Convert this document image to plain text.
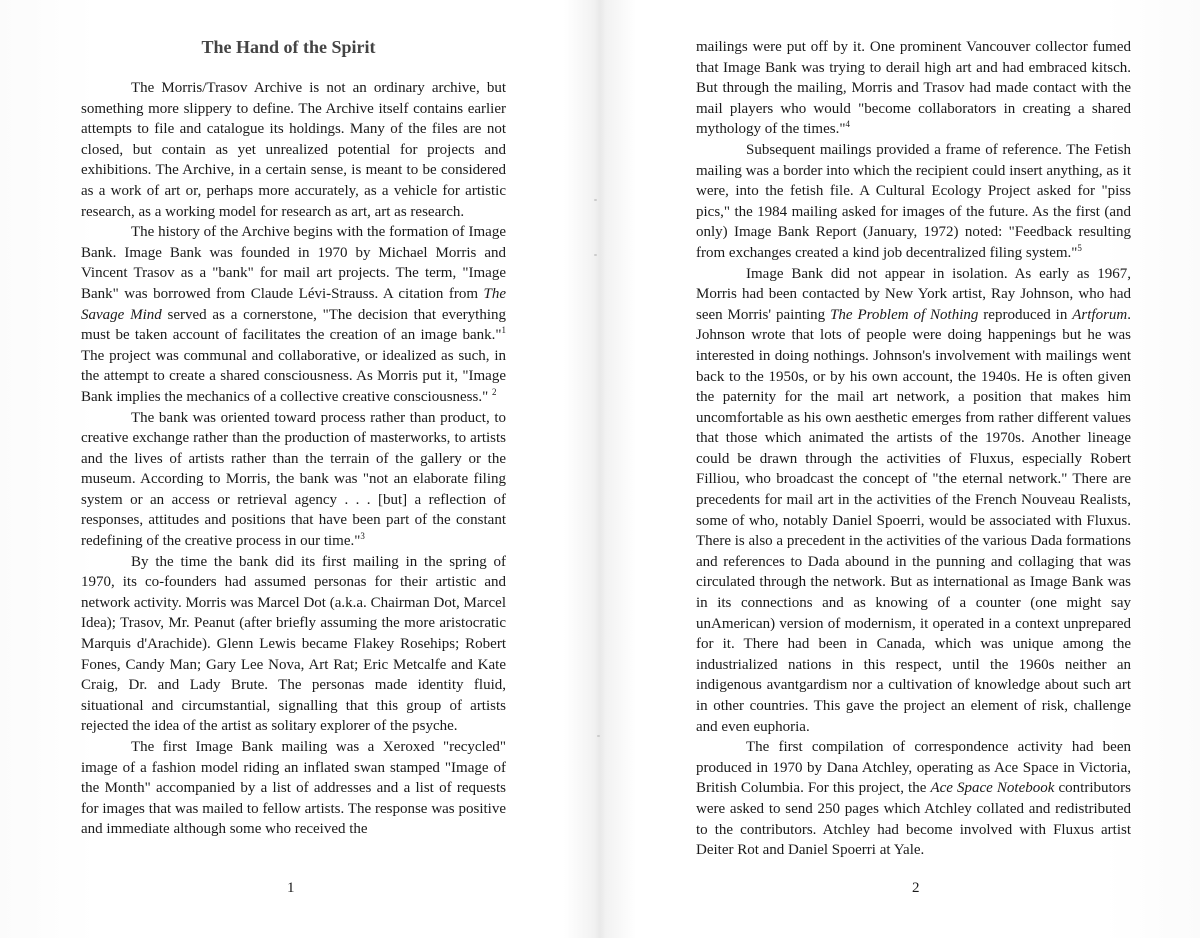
The Hand of the Spirit

The Morris/Trasov Archive is not an ordinary archive, but something more slippery to define. The Archive itself contains earlier attempts to file and catalogue its holdings. Many of the files are not closed, but contain as yet unrealized potential for projects and exhibitions. The Archive, in a certain sense, is meant to be considered as a work of art or, perhaps more accurately, as a vehicle for artistic research, as a working model for research as art, art as research.

The history of the Archive begins with the formation of Image Bank. Image Bank was founded in 1970 by Michael Morris and Vincent Trasov as a "bank" for mail art projects. The term, "Image Bank" was borrowed from Claude Lévi-Strauss. A citation from The Savage Mind served as a cornerstone, "The decision that everything must be taken account of facilitates the creation of an image bank."$^1$ The project was communal and collaborative, or idealized as such, in the attempt to create a shared consciousness. As Morris put it, "Image Bank implies the mechanics of a collective creative consciousness." $^2$

The bank was oriented toward process rather than product, to creative exchange rather than the production of masterworks, to artists and the lives of artists rather than the terrain of the gallery or the museum. According to Morris, the bank was "not an elaborate filing system or an access or retrieval agency . . . [but] a reflection of responses, attitudes and positions that have been part of the constant redefining of the creative process in our time."$^3$

By the time the bank did its first mailing in the spring of 1970, its co-founders had assumed personas for their artistic and network activity. Morris was Marcel Dot (a.k.a. Chairman Dot, Marcel Idea); Trasov, Mr. Peanut (after briefly assuming the more aristocratic Marquis d'Arachide). Glenn Lewis became Flakey Rosehips; Robert Fones, Candy Man; Gary Lee Nova, Art Rat; Eric Metcalfe and Kate Craig, Dr. and Lady Brute. The personas made identity fluid, situational and circumstantial, signalling that this group of artists rejected the idea of the artist as solitary explorer of the psyche.

The first Image Bank mailing was a Xeroxed "recycled" image of a fashion model riding an inflated swan stamped "Image of the Month" accompanied by a list of addresses and a list of requests for images that was mailed to fellow artists. The response was positive and immediate although some who received the

1

mailings were put off by it. One prominent Vancouver collector fumed that Image Bank was trying to derail high art and had embraced kitsch. But through the mailing, Morris and Trasov had made contact with the mail players who would "become collaborators in creating a shared mythology of the times."$^4$

Subsequent mailings provided a frame of reference. The Fetish mailing was a border into which the recipient could insert anything, as it were, into the fetish file. A Cultural Ecology Project asked for "piss pics," the 1984 mailing asked for images of the future. As the first (and only) Image Bank Report (January, 1972) noted: "Feedback resulting from exchanges created a kind job decentralized filing system."$^5$

Image Bank did not appear in isolation. As early as 1967, Morris had been contacted by New York artist, Ray Johnson, who had seen Morris' painting The Problem of Nothing reproduced in Artforum. Johnson wrote that lots of people were doing happenings but he was interested in doing nothings. Johnson's involvement with mailings went back to the 1950s, or by his own account, the 1940s. He is often given the paternity for the mail art network, a position that makes him uncomfortable as his own aesthetic emerges from rather different values that those which animated the artists of the 1970s. Another lineage could be drawn through the activities of Fluxus, especially Robert Filliou, who broadcast the concept of "the eternal network." There are precedents for mail art in the activities of the French Nouveau Realists, some of who, notably Daniel Spoerri, would be associated with Fluxus. There is also a precedent in the activities of the various Dada formations and references to Dada abound in the punning and collaging that was circulated through the network. But as international as Image Bank was in its connections and as knowing of a counter (one might say unAmerican) version of modernism, it operated in a context unprepared for it. There had been in Canada, which was unique among the industrialized nations in this respect, until the 1960s neither an indigenous avantgardism nor a cultivation of knowledge about such art in other countries. This gave the project an element of risk, challenge and even euphoria.

The first compilation of correspondence activity had been produced in 1970 by Dana Atchley, operating as Ace Space in Victoria, British Columbia. For this project, the Ace Space Notebook contributors were asked to send 250 pages which Atchley collated and redistributed to the contributors. Atchley had become involved with Fluxus artist Deiter Rot and Daniel Spoerri at Yale.

2
